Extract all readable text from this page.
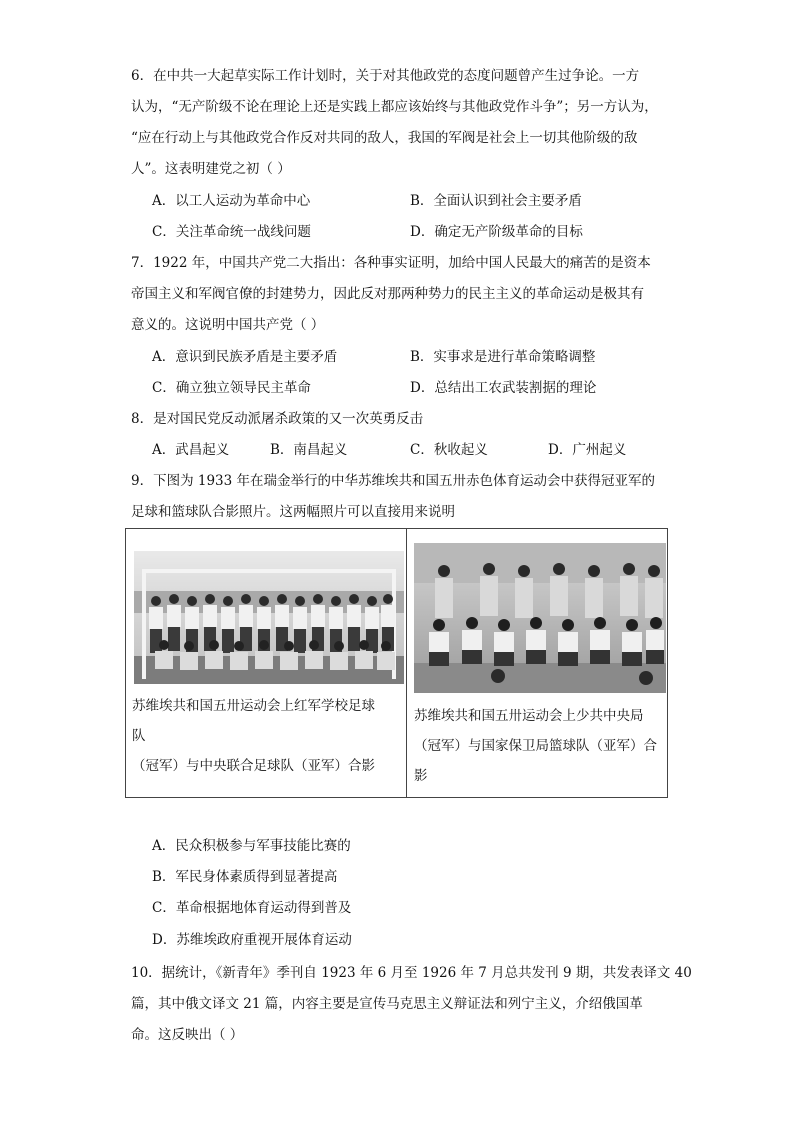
6．在中共一大起草实际工作计划时，关于对其他政党的态度问题曾产生过争论。一方
认为，“无产阶级不论在理论上还是实践上都应该始终与其他政党作斗争”；另一方认为，
“应在行动上与其他政党合作反对共同的敌人，我国的军阀是社会上一切其他阶级的敌
人”。这表明建党之初（ ）
A．以工人运动为革命中心	B．全面认识到社会主要矛盾
C．关注革命统一战线问题	D．确定无产阶级革命的目标
7．1922 年，中国共产党二大指出：各种事实证明，加给中国人民最大的痛苦的是资本
帝国主义和军阀官僚的封建势力，因此反对那两种势力的民主主义的革命运动是极其有
意义的。这说明中国共产党（ ）
A．意识到民族矛盾是主要矛盾	B．实事求是进行革命策略调整
C．确立独立领导民主革命	D．总结出工农武装割据的理论
8．是对国民党反动派屠杀政策的又一次英勇反击
A．武昌起义	B．南昌起义	C．秋收起义	D．广州起义
9．下图为 1933 年在瑞金举行的中华苏维埃共和国五卅赤色体育运动会中获得冠亚军的
足球和篮球队合影照片。这两幅照片可以直接用来说明
苏维埃共和国五卅运动会上红军学校足球
队
（冠军）与中央联合足球队（亚军）合影
苏维埃共和国五卅运动会上少共中央局
（冠军）与国家保卫局篮球队（亚军）合
影
A．民众积极参与军事技能比赛的
B．军民身体素质得到显著提高
C．革命根据地体育运动得到普及
D．苏维埃政府重视开展体育运动
10．据统计，《新青年》季刊自 1923 年 6 月至 1926 年 7 月总共发刊 9 期，共发表译文 40
篇，其中俄文译文 21 篇，内容主要是宣传马克思主义辩证法和列宁主义，介绍俄国革
命。这反映出（ ）
